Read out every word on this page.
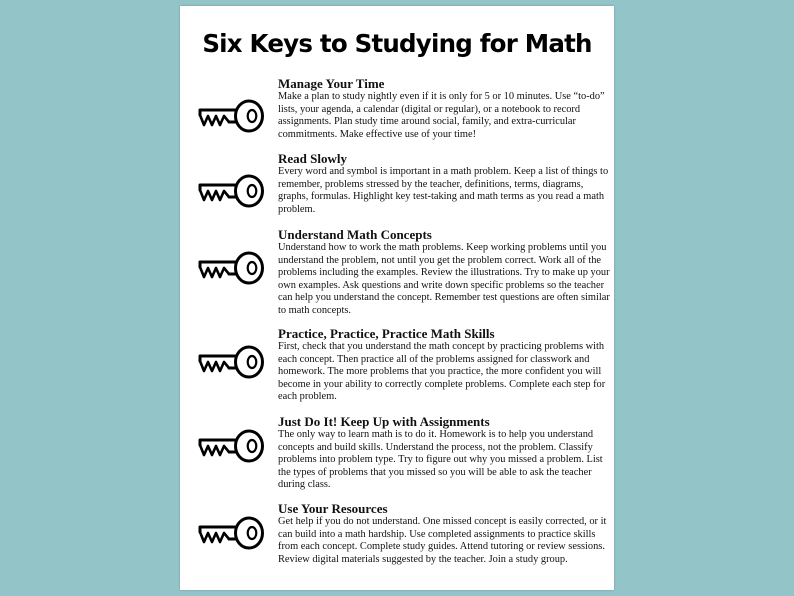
Six Keys to Studying for Math
Manage Your Time

Make a plan to study nightly even if it is only for 5 or 10 minutes. Use “to-do” lists, your agenda, a calendar (digital or regular), or a notebook to record assignments. Plan study time around social, family, and extra-curricular commitments. Make effective use of your time!

Read Slowly

Every word and symbol is important in a math problem. Keep a list of things to remember, problems stressed by the teacher, definitions, terms, diagrams, graphs, formulas. Highlight key test-taking and math terms as you read a math problem.

Understand Math Concepts

Understand how to work the math problems. Keep working problems until you understand the problem, not until you get the problem correct. Work all of the problems including the examples. Review the illustrations. Try to make up your own examples. Ask questions and write down specific problems so the teacher can help you understand the concept. Remember test questions are often similar to math concepts.

Practice, Practice, Practice Math Skills

First, check that you understand the math concept by practicing problems with each concept. Then practice all of the problems assigned for classwork and homework. The more problems that you practice, the more confident you will become in your ability to correctly complete problems. Complete each step for each problem.

Just Do It! Keep Up with Assignments

The only way to learn math is to do it. Homework is to help you understand concepts and build skills. Understand the process, not the problem. Classify problems into problem type. Try to figure out why you missed a problem. List the types of problems that you missed so you will be able to ask the teacher during class.

Use Your Resources

Get help if you do not understand. One missed concept is easily corrected, or it can build into a math hardship. Use completed assignments to practice skills from each concept. Complete study guides. Attend tutoring or review sessions. Review digital materials suggested by the teacher. Join a study group.
